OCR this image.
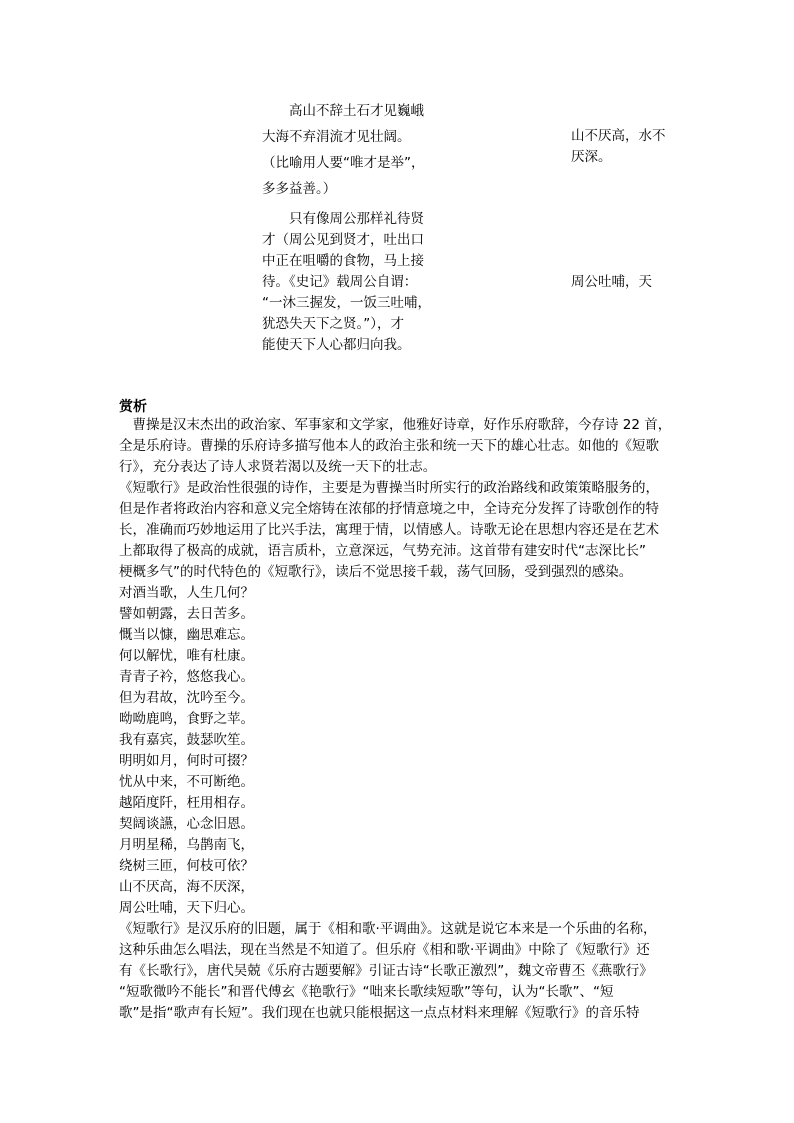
高山不辞土石才见巍峨
大海不弃涓流才见壮阔。
（比喻用人要“唯才是举”，
多多益善。）
山不厌高，水不
厌深。
只有像周公那样礼待贤
才（周公见到贤才，吐出口
中正在咀嚼的食物，马上接
待。《史记》载周公自谓：
“一沐三握发，一饭三吐哺，
犹恐失天下之贤。”），才
能使天下人心都归向我。
周公吐哺，天
赏析
　曹操是汉末杰出的政治家、军事家和文学家，他雅好诗章，好作乐府歌辞，今存诗 22 首，
全是乐府诗。曹操的乐府诗多描写他本人的政治主张和统一天下的雄心壮志。如他的《短歌
行》，充分表达了诗人求贤若渴以及统一天下的壮志。
《短歌行》是政治性很强的诗作，主要是为曹操当时所实行的政治路线和政策策略服务的，
但是作者将政治内容和意义完全熔铸在浓郁的抒情意境之中，全诗充分发挥了诗歌创作的特
长，准确而巧妙地运用了比兴手法，寓理于情，以情感人。诗歌无论在思想内容还是在艺术
上都取得了极高的成就，语言质朴，立意深远，气势充沛。这首带有建安时代“志深比长”
梗概多气”的时代特色的《短歌行》，读后不觉思接千载，荡气回肠，受到强烈的感染。
对酒当歌，人生几何？
譬如朝露，去日苦多。
慨当以慷，幽思难忘。
何以解忧，唯有杜康。
青青子衿，悠悠我心。
但为君故，沈吟至今。
呦呦鹿鸣，食野之苹。
我有嘉宾，鼓瑟吹笙。
明明如月，何时可掇？
忧从中来，不可断绝。
越陌度阡，枉用相存。
契阔谈讌，心念旧恩。
月明星稀，乌鹊南飞，
绕树三匝，何枝可依？
山不厌高，海不厌深，
周公吐哺，天下归心。
《短歌行》是汉乐府的旧题，属于《相和歌·平调曲》。这就是说它本来是一个乐曲的名称，
这种乐曲怎么唱法，现在当然是不知道了。但乐府《相和歌·平调曲》中除了《短歌行》还
有《长歌行》，唐代吴兢《乐府古题要解》引证古诗“长歌正激烈”，魏文帝曹丕《燕歌行》
“短歌微吟不能长”和晋代傅玄《艳歌行》“咄来长歌续短歌”等句，认为“长歌”、“短
歌”是指“歌声有长短”。我们现在也就只能根据这一点点材料来理解《短歌行》的音乐特
